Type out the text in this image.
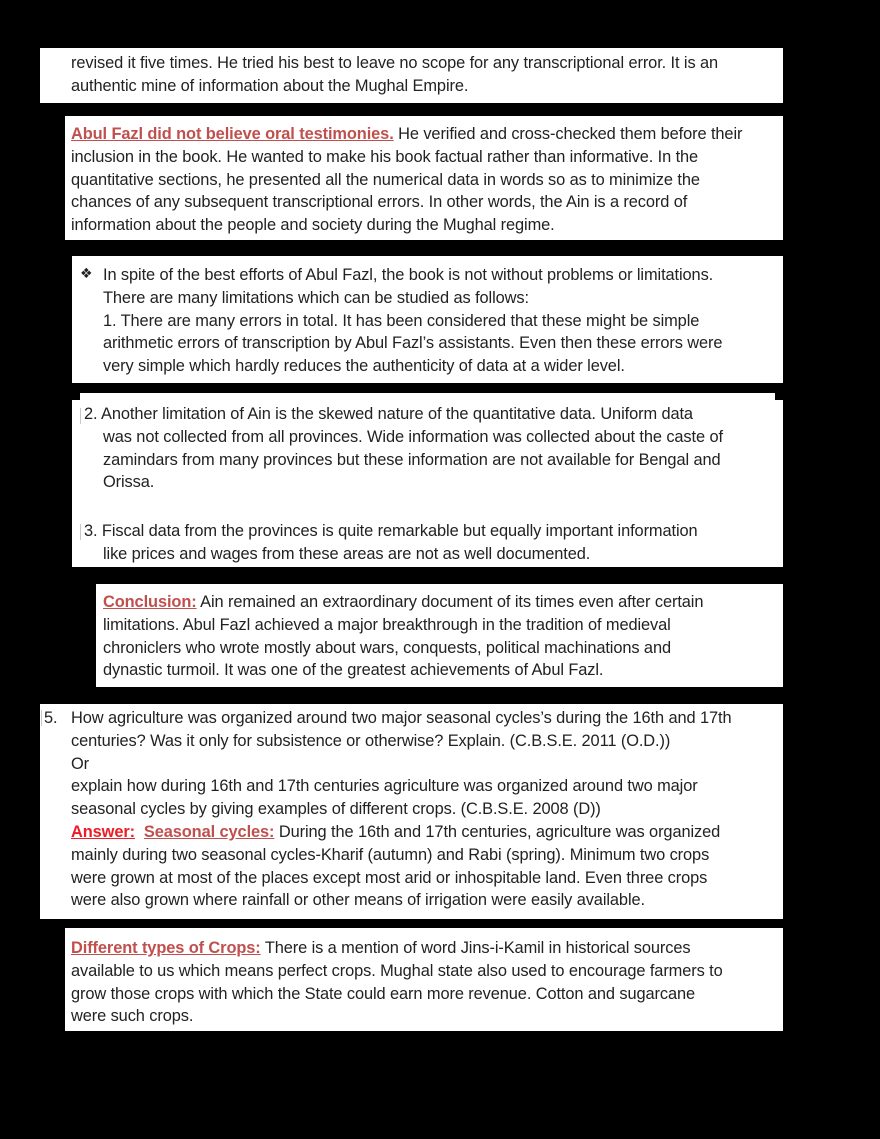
revised it five times. He tried his best to leave no scope for any transcriptional error. It is an
authentic mine of information about the Mughal Empire.
Abul Fazl did not believe oral testimonies. He verified and cross-checked them before their
inclusion in the book. He wanted to make his book factual rather than informative. In the
quantitative sections, he presented all the numerical data in words so as to minimize the
chances of any subsequent transcriptional errors. In other words, the Ain is a record of
information about the people and society during the Mughal regime.
❖ In spite of the best efforts of Abul Fazl, the book is not without problems or limitations.
There are many limitations which can be studied as follows:
1. There are many errors in total. It has been considered that these might be simple
arithmetic errors of transcription by Abul Fazl’s assistants. Even then these errors were
very simple which hardly reduces the authenticity of data at a wider level.
2. Another limitation of Ain is the skewed nature of the quantitative data. Uniform data
was not collected from all provinces. Wide information was collected about the caste of
zamindars from many provinces but these information are not available for Bengal and
Orissa.
3. Fiscal data from the provinces is quite remarkable but equally important information
like prices and wages from these areas are not as well documented.
Conclusion: Ain remained an extraordinary document of its times even after certain
limitations. Abul Fazl achieved a major breakthrough in the tradition of medieval
chroniclers who wrote mostly about wars, conquests, political machinations and
dynastic turmoil. It was one of the greatest achievements of Abul Fazl.
5. How agriculture was organized around two major seasonal cycles’s during the 16th and 17th
centuries? Was it only for subsistence or otherwise? Explain. (C.B.S.E. 2011 (O.D.))
Or
explain how during 16th and 17th centuries agriculture was organized around two major
seasonal cycles by giving examples of different crops. (C.B.S.E. 2008 (D))
Answer: Seasonal cycles: During the 16th and 17th centuries, agriculture was organized
mainly during two seasonal cycles-Kharif (autumn) and Rabi (spring). Minimum two crops
were grown at most of the places except most arid or inhospitable land. Even three crops
were also grown where rainfall or other means of irrigation were easily available.
Different types of Crops: There is a mention of word Jins-i-Kamil in historical sources
available to us which means perfect crops. Mughal state also used to encourage farmers to
grow those crops with which the State could earn more revenue. Cotton and sugarcane
were such crops.
